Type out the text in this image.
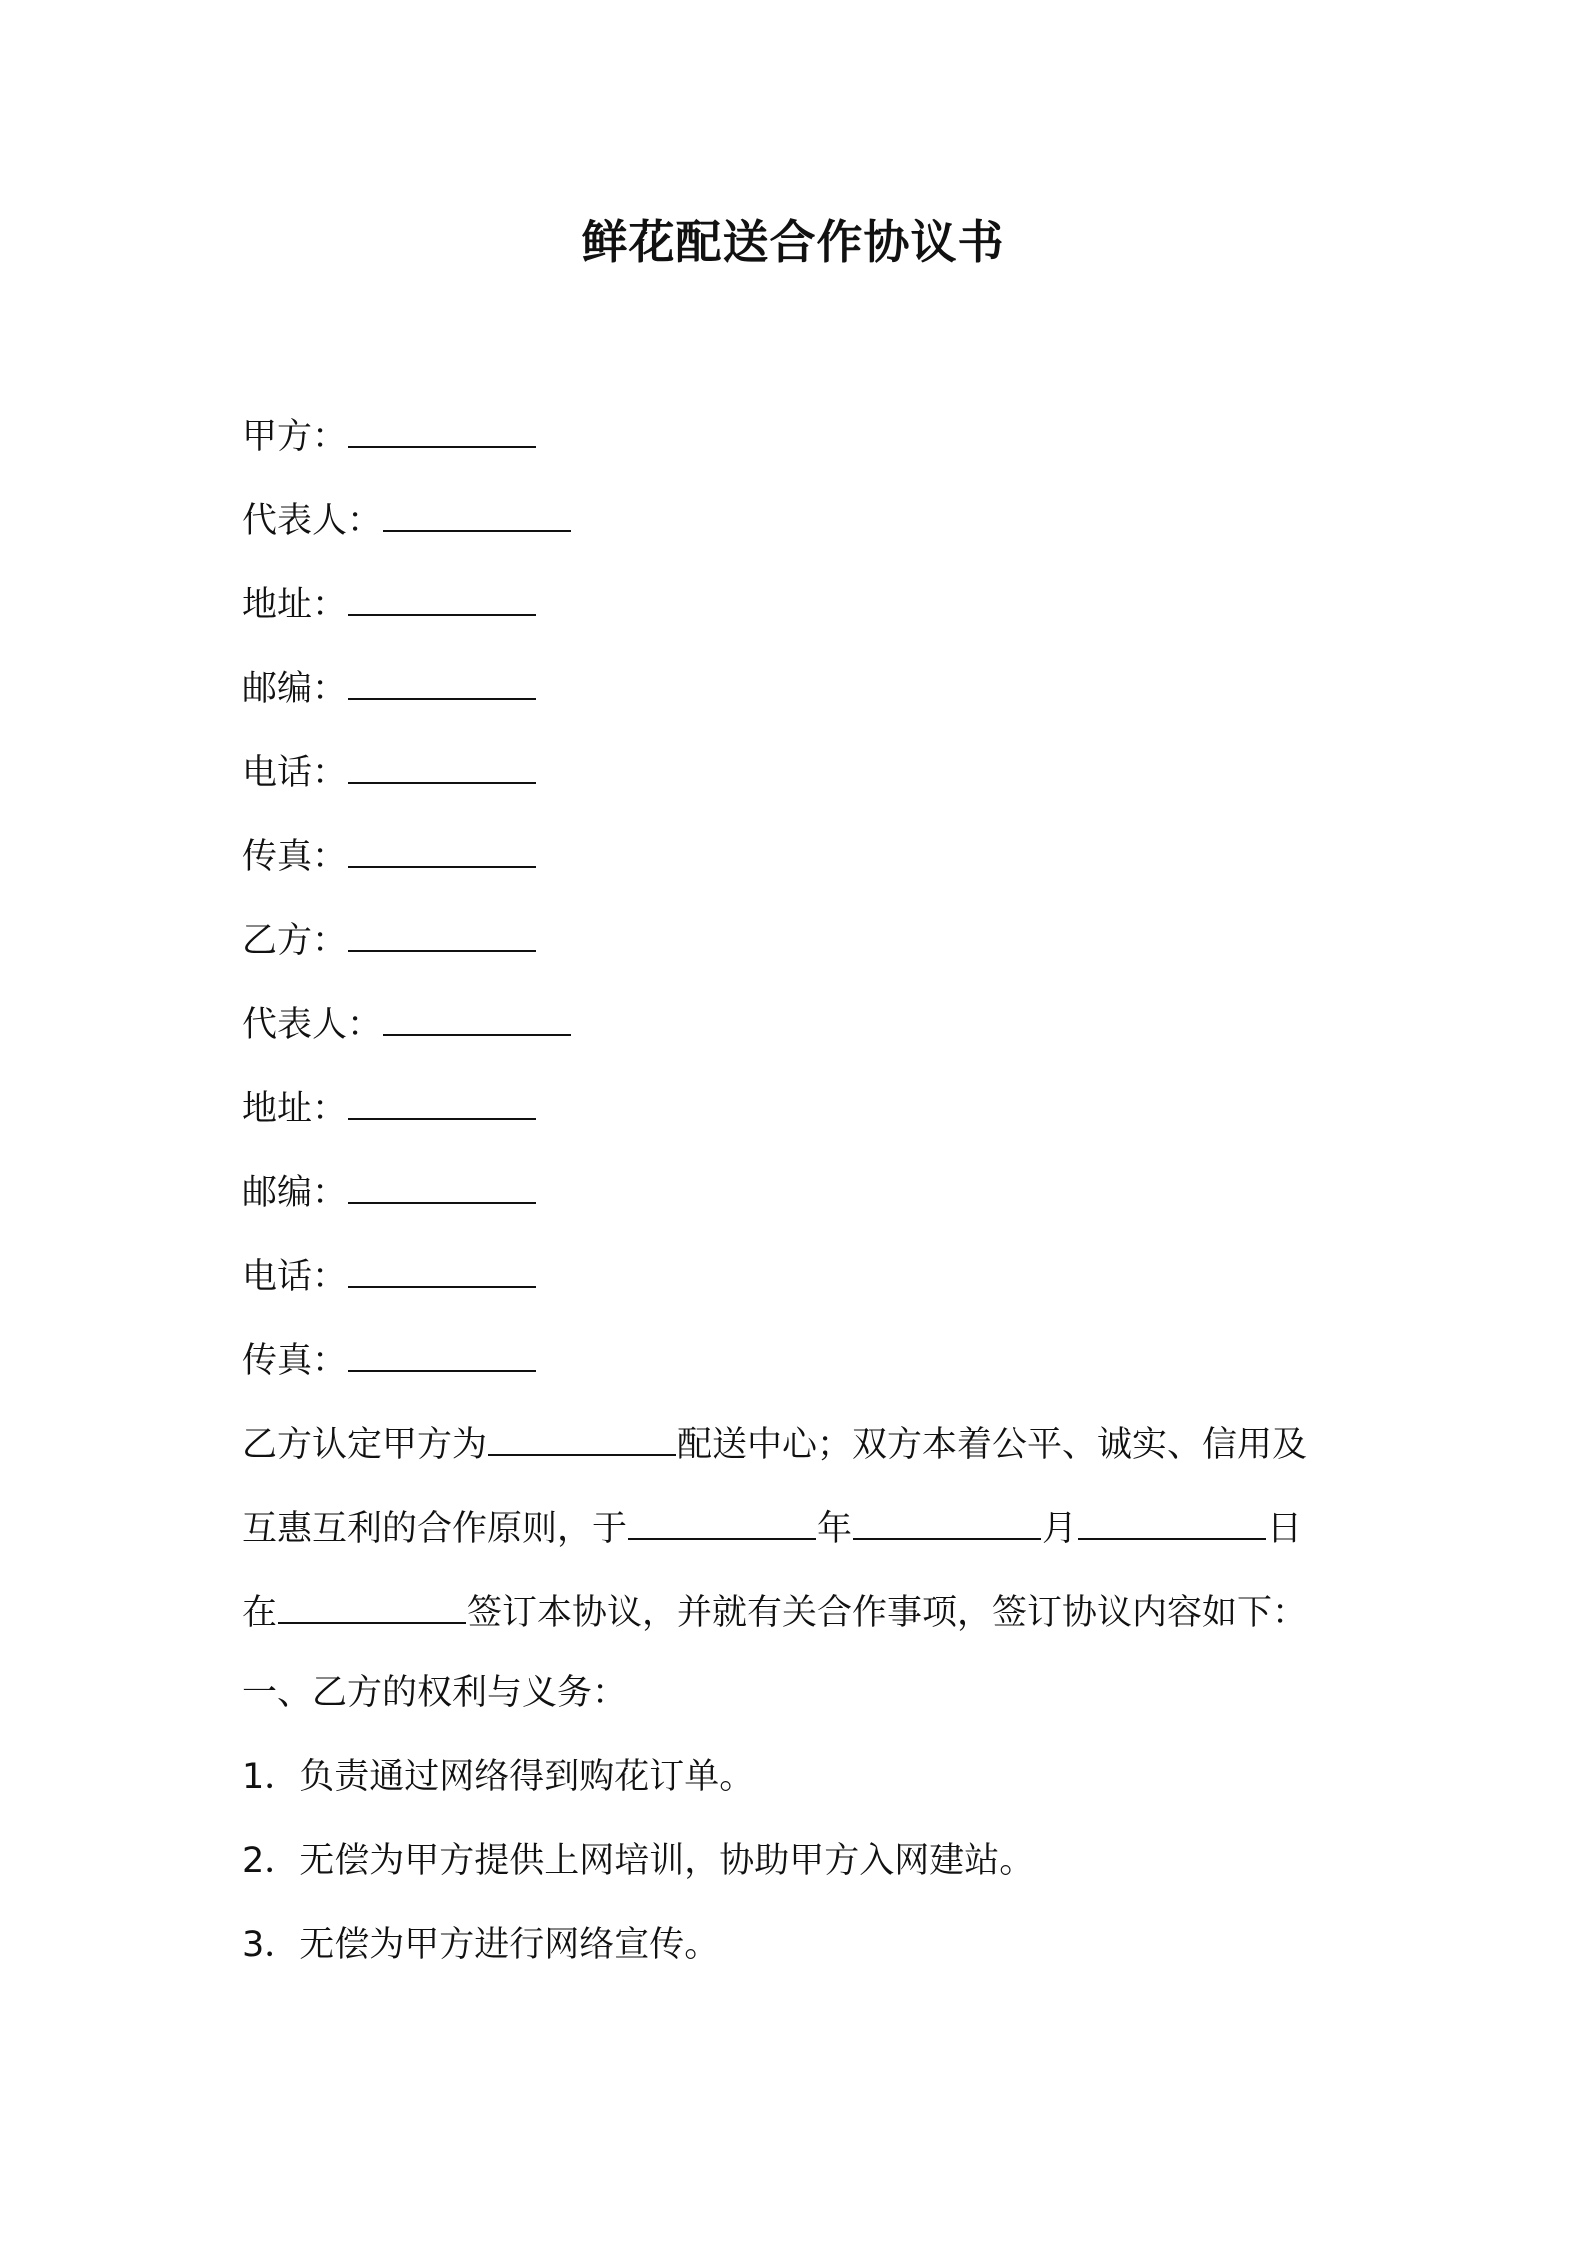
鲜花配送合作协议书
甲方：
代表人：
地址：
邮编：
电话：
传真：
乙方：
代表人：
地址：
邮编：
电话：
传真：
乙方认定甲方为	配送中心；双方本着公平、诚实、信用及
互惠互利的合作原则，于	年	月	日
在	签订本协议，并就有关合作事项，签订协议内容如下：
一、乙方的权利与义务：
1．负责通过网络得到购花订单。
2．无偿为甲方提供上网培训，协助甲方入网建站。
3．无偿为甲方进行网络宣传。
